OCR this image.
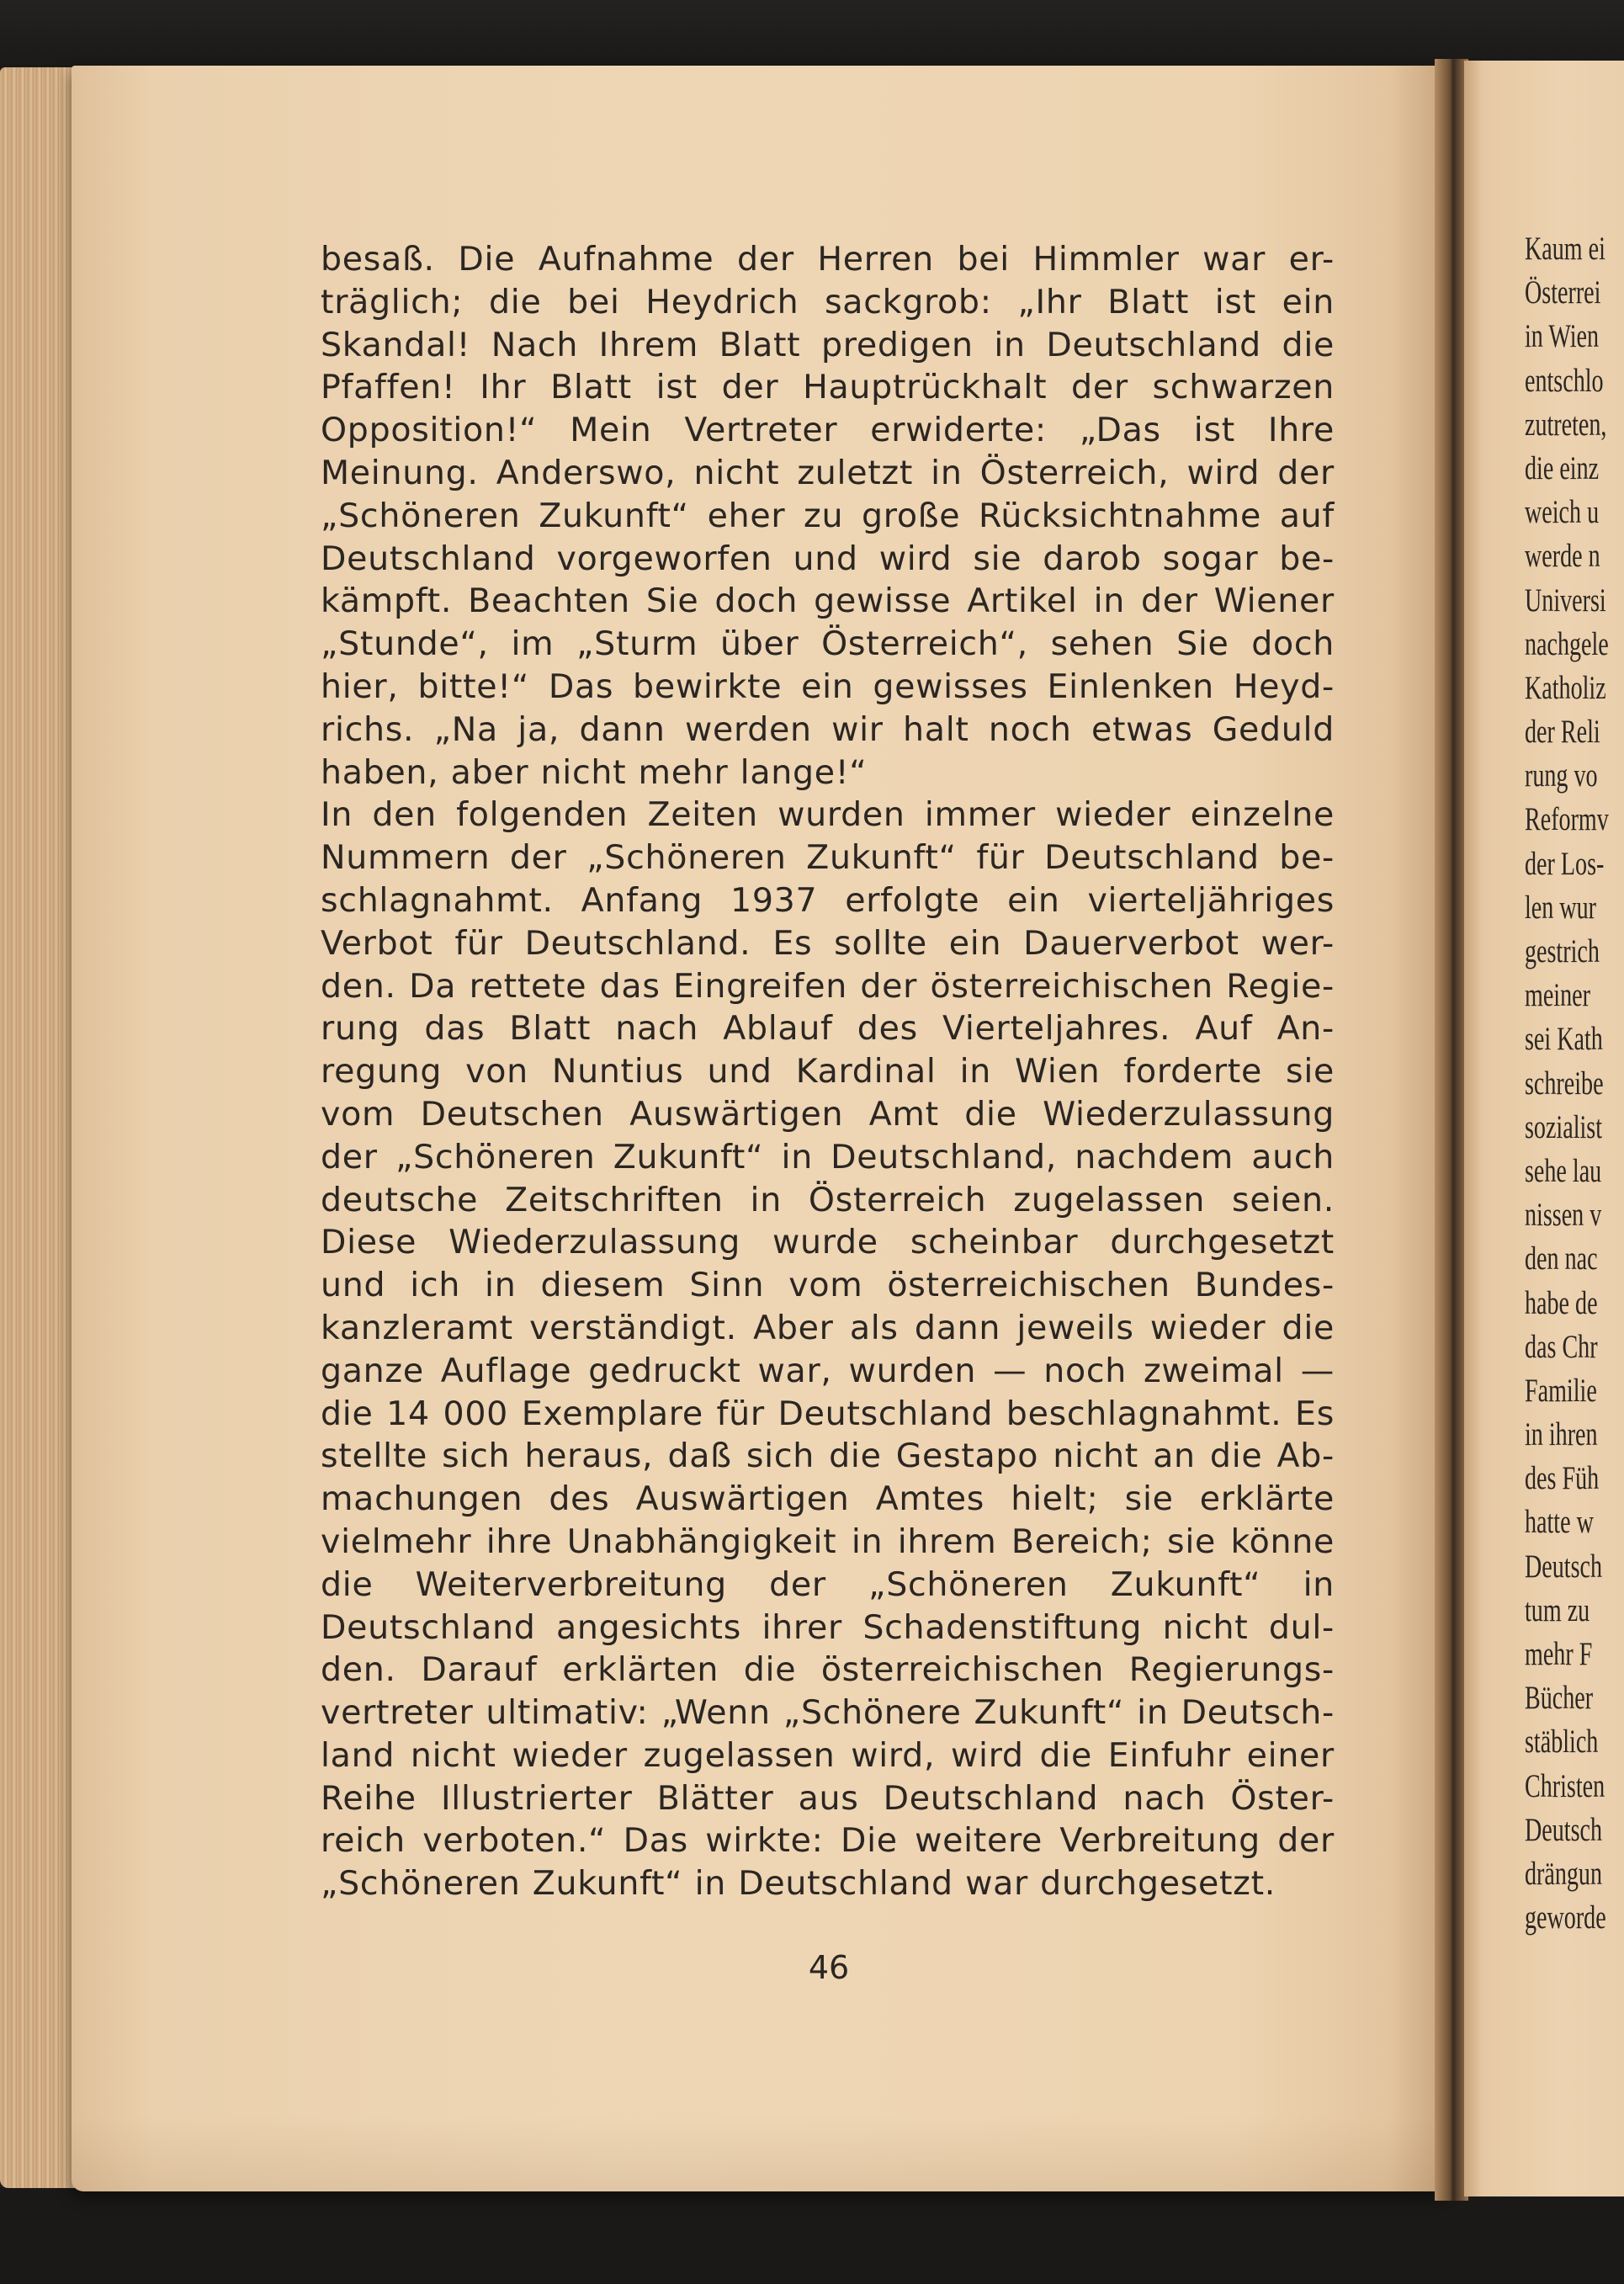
besaß. Die Aufnahme der Herren bei Himmler war er-
träglich; die bei Heydrich sackgrob: „Ihr Blatt ist ein
Skandal! Nach Ihrem Blatt predigen in Deutschland die
Pfaffen! Ihr Blatt ist der Hauptrückhalt der schwarzen
Opposition!“ Mein Vertreter erwiderte: „Das ist Ihre
Meinung. Anderswo, nicht zuletzt in Österreich, wird der
„Schöneren Zukunft“ eher zu große Rücksichtnahme auf
Deutschland vorgeworfen und wird sie darob sogar be-
kämpft. Beachten Sie doch gewisse Artikel in der Wiener
„Stunde“, im „Sturm über Österreich“, sehen Sie doch
hier, bitte!“ Das bewirkte ein gewisses Einlenken Heyd-
richs. „Na ja, dann werden wir halt noch etwas Geduld
haben, aber nicht mehr lange!“
In den folgenden Zeiten wurden immer wieder einzelne
Nummern der „Schöneren Zukunft“ für Deutschland be-
schlagnahmt. Anfang 1937 erfolgte ein vierteljähriges
Verbot für Deutschland. Es sollte ein Dauerverbot wer-
den. Da rettete das Eingreifen der österreichischen Regie-
rung das Blatt nach Ablauf des Vierteljahres. Auf An-
regung von Nuntius und Kardinal in Wien forderte sie
vom Deutschen Auswärtigen Amt die Wiederzulassung
der „Schöneren Zukunft“ in Deutschland, nachdem auch
deutsche Zeitschriften in Österreich zugelassen seien.
Diese Wiederzulassung wurde scheinbar durchgesetzt
und ich in diesem Sinn vom österreichischen Bundes-
kanzleramt verständigt. Aber als dann jeweils wieder die
ganze Auflage gedruckt war, wurden — noch zweimal —
die 14 000 Exemplare für Deutschland beschlagnahmt. Es
stellte sich heraus, daß sich die Gestapo nicht an die Ab-
machungen des Auswärtigen Amtes hielt; sie erklärte
vielmehr ihre Unabhängigkeit in ihrem Bereich; sie könne
die Weiterverbreitung der „Schöneren Zukunft“ in
Deutschland angesichts ihrer Schadenstiftung nicht dul-
den. Darauf erklärten die österreichischen Regierungs-
vertreter ultimativ: „Wenn „Schönere Zukunft“ in Deutsch-
land nicht wieder zugelassen wird, wird die Einfuhr einer
Reihe Illustrierter Blätter aus Deutschland nach Öster-
reich verboten.“ Das wirkte: Die weitere Verbreitung der
„Schöneren Zukunft“ in Deutschland war durchgesetzt.
46
Kaum ei
Österrei
in Wien
entschlo
zutreten,
die einz
weich u
werde n
Universi
nachgele
Katholiz
der Reli
rung vo
Reformv
der Los-
len wur
gestrich
meiner
sei Kath
schreibe
sozialist
sehe lau
nissen v
den nac
habe de
das Chr
Familie
in ihren
des Füh
hatte w
Deutsch
tum zu
mehr F
Bücher
stäblich
Christen
Deutsch
drängun
geworde
